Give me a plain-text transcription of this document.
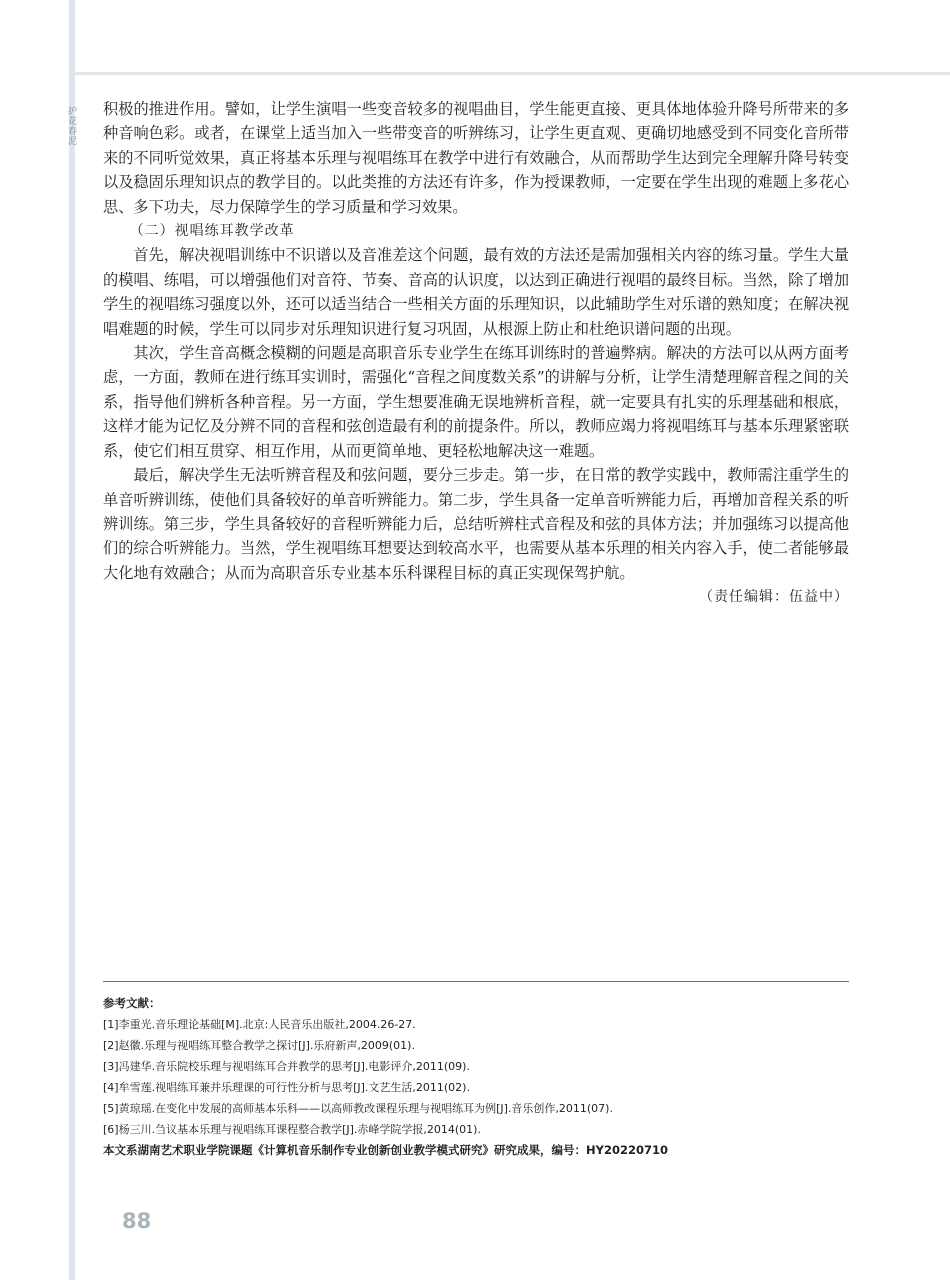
护花春泥 积极的推进作用。譬如，让学生演唱一些变音较多的视唱曲目，学生能更直接、更具体地体验升降号所带来的多种音响色彩。或者，在课堂上适当加入一些带变音的听辨练习，让学生更直观、更确切地感受到不同变化音所带来的不同听觉效果，真正将基本乐理与视唱练耳在教学中进行有效融合，从而帮助学生达到完全理解升降号转变以及稳固乐理知识点的教学目的。以此类推的方法还有许多，作为授课教师，一定要在学生出现的难题上多花心思、多下功夫，尽力保障学生的学习质量和学习效果。

（二）视唱练耳教学改革

首先，解决视唱训练中不识谱以及音准差这个问题，最有效的方法还是需加强相关内容的练习量。学生大量的模唱、练唱，可以增强他们对音符、节奏、音高的认识度，以达到正确进行视唱的最终目标。当然，除了增加学生的视唱练习强度以外，还可以适当结合一些相关方面的乐理知识，以此辅助学生对乐谱的熟知度；在解决视唱难题的时候，学生可以同步对乐理知识进行复习巩固，从根源上防止和杜绝识谱问题的出现。

其次，学生音高概念模糊的问题是高职音乐专业学生在练耳训练时的普遍弊病。解决的方法可以从两方面考虑，一方面，教师在进行练耳实训时，需强化“音程之间度数关系”的讲解与分析，让学生清楚理解音程之间的关系，指导他们辨析各种音程。另一方面，学生想要准确无误地辨析音程，就一定要具有扎实的乐理基础和根底，这样才能为记忆及分辨不同的音程和弦创造最有利的前提条件。所以，教师应竭力将视唱练耳与基本乐理紧密联系，使它们相互贯穿、相互作用，从而更简单地、更轻松地解决这一难题。

最后，解决学生无法听辨音程及和弦问题，要分三步走。第一步，在日常的教学实践中，教师需注重学生的单音听辨训练，使他们具备较好的单音听辨能力。第二步，学生具备一定单音听辨能力后，再增加音程关系的听辨训练。第三步，学生具备较好的音程听辨能力后，总结听辨柱式音程及和弦的具体方法；并加强练习以提高他们的综合听辨能力。当然，学生视唱练耳想要达到较高水平，也需要从基本乐理的相关内容入手，使二者能够最大化地有效融合；从而为高职音乐专业基本乐科课程目标的真正实现保驾护航。

（责任编辑：伍益中）

参考文献：
[1]李重光.音乐理论基础[M].北京:人民音乐出版社,2004.26-27.
[2]赵徽.乐理与视唱练耳整合教学之探讨[J].乐府新声,2009(01).
[3]冯建华.音乐院校乐理与视唱练耳合并教学的思考[J].电影评介,2011(09).
[4]牟雪莲.视唱练耳兼并乐理课的可行性分析与思考[J].文艺生活,2011(02).
[5]黄琼瑶.在变化中发展的高师基本乐科——以高师教改课程乐理与视唱练耳为例[J].音乐创作,2011(07).
[6]杨三川.刍议基本乐理与视唱练耳课程整合教学[J].赤峰学院学报,2014(01).
本文系湖南艺术职业学院课题《计算机音乐制作专业创新创业教学模式研究》研究成果，编号：HY20220710
88
